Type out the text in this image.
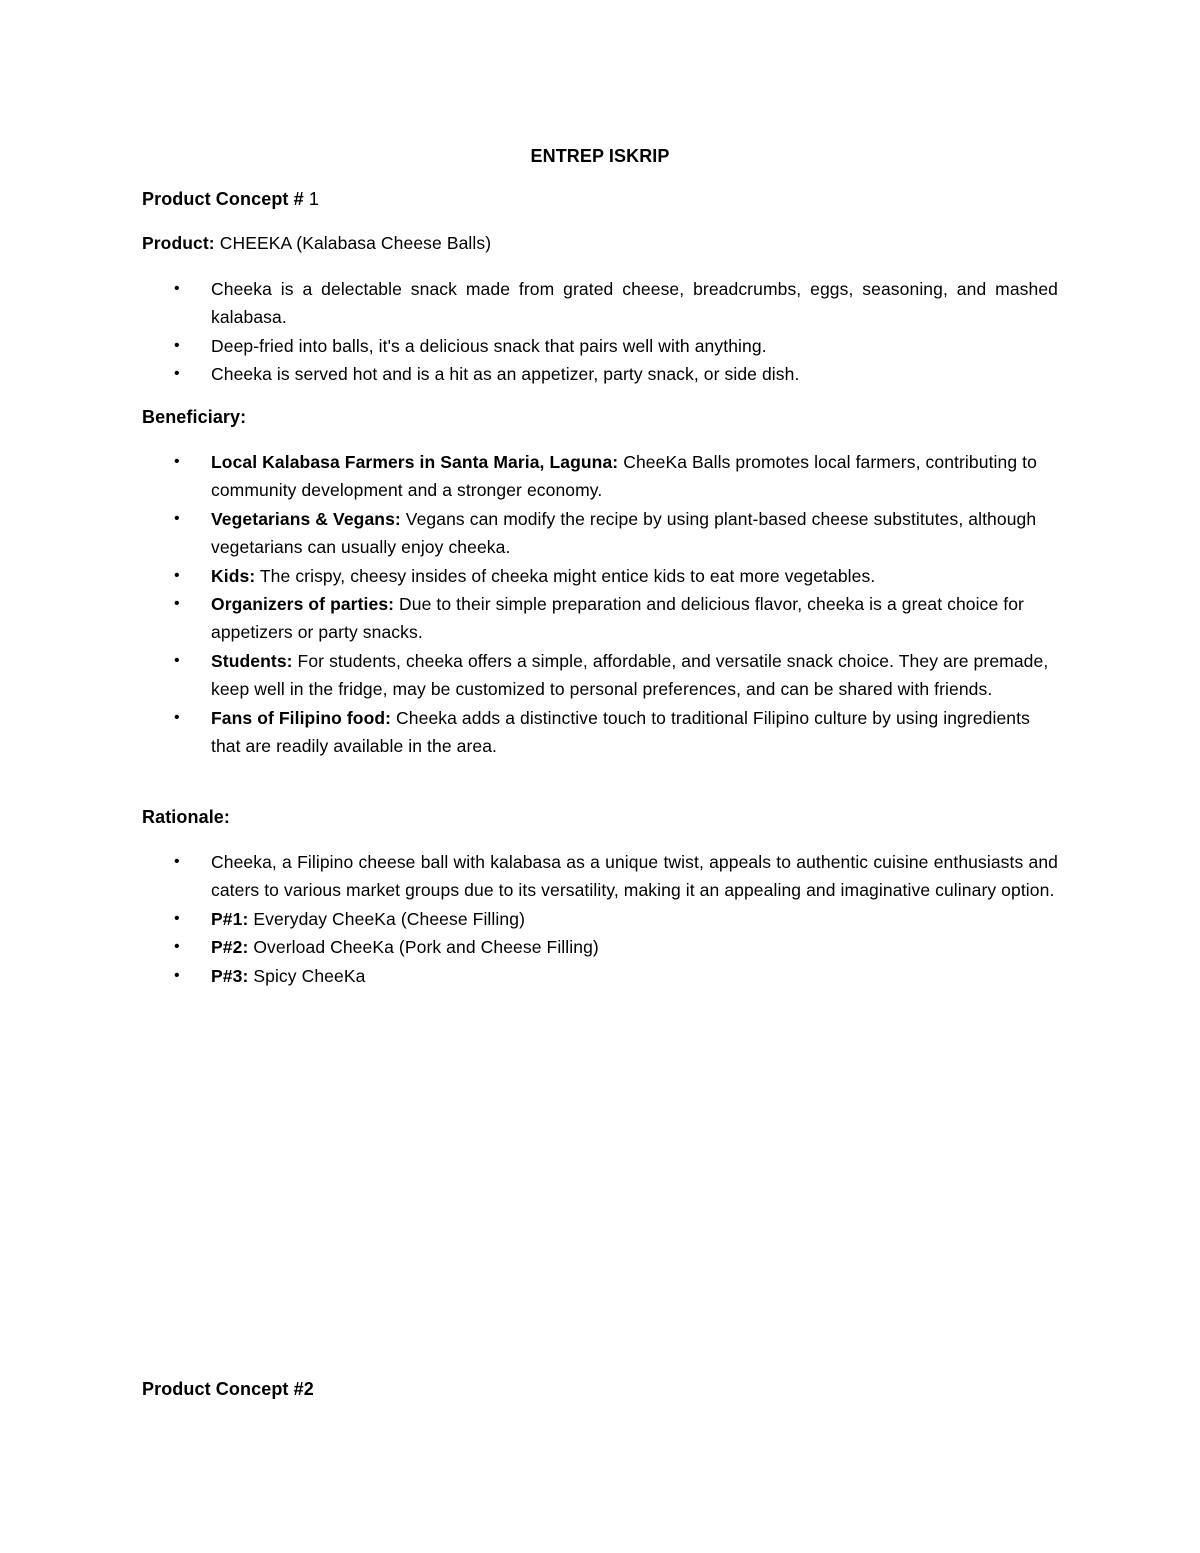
ENTREP ISKRIP
Product Concept # 1
Product: CHEEKA (Kalabasa Cheese Balls)
• Cheeka is a delectable snack made from grated cheese, breadcrumbs, eggs, seasoning, and mashed kalabasa.
• Deep-fried into balls, it's a delicious snack that pairs well with anything.
• Cheeka is served hot and is a hit as an appetizer, party snack, or side dish.
Beneficiary:
• Local Kalabasa Farmers in Santa Maria, Laguna: CheeKa Balls promotes local farmers, contributing to community development and a stronger economy.
• Vegetarians & Vegans: Vegans can modify the recipe by using plant-based cheese substitutes, although vegetarians can usually enjoy cheeka.
• Kids: The crispy, cheesy insides of cheeka might entice kids to eat more vegetables.
• Organizers of parties: Due to their simple preparation and delicious flavor, cheeka is a great choice for appetizers or party snacks.
• Students: For students, cheeka offers a simple, affordable, and versatile snack choice. They are premade, keep well in the fridge, may be customized to personal preferences, and can be shared with friends.
• Fans of Filipino food: Cheeka adds a distinctive touch to traditional Filipino culture by using ingredients that are readily available in the area.
Rationale:
• Cheeka, a Filipino cheese ball with kalabasa as a unique twist, appeals to authentic cuisine enthusiasts and caters to various market groups due to its versatility, making it an appealing and imaginative culinary option.
• P#1: Everyday CheeKa (Cheese Filling)
• P#2: Overload CheeKa (Pork and Cheese Filling)
• P#3: Spicy CheeKa
Product Concept #2
